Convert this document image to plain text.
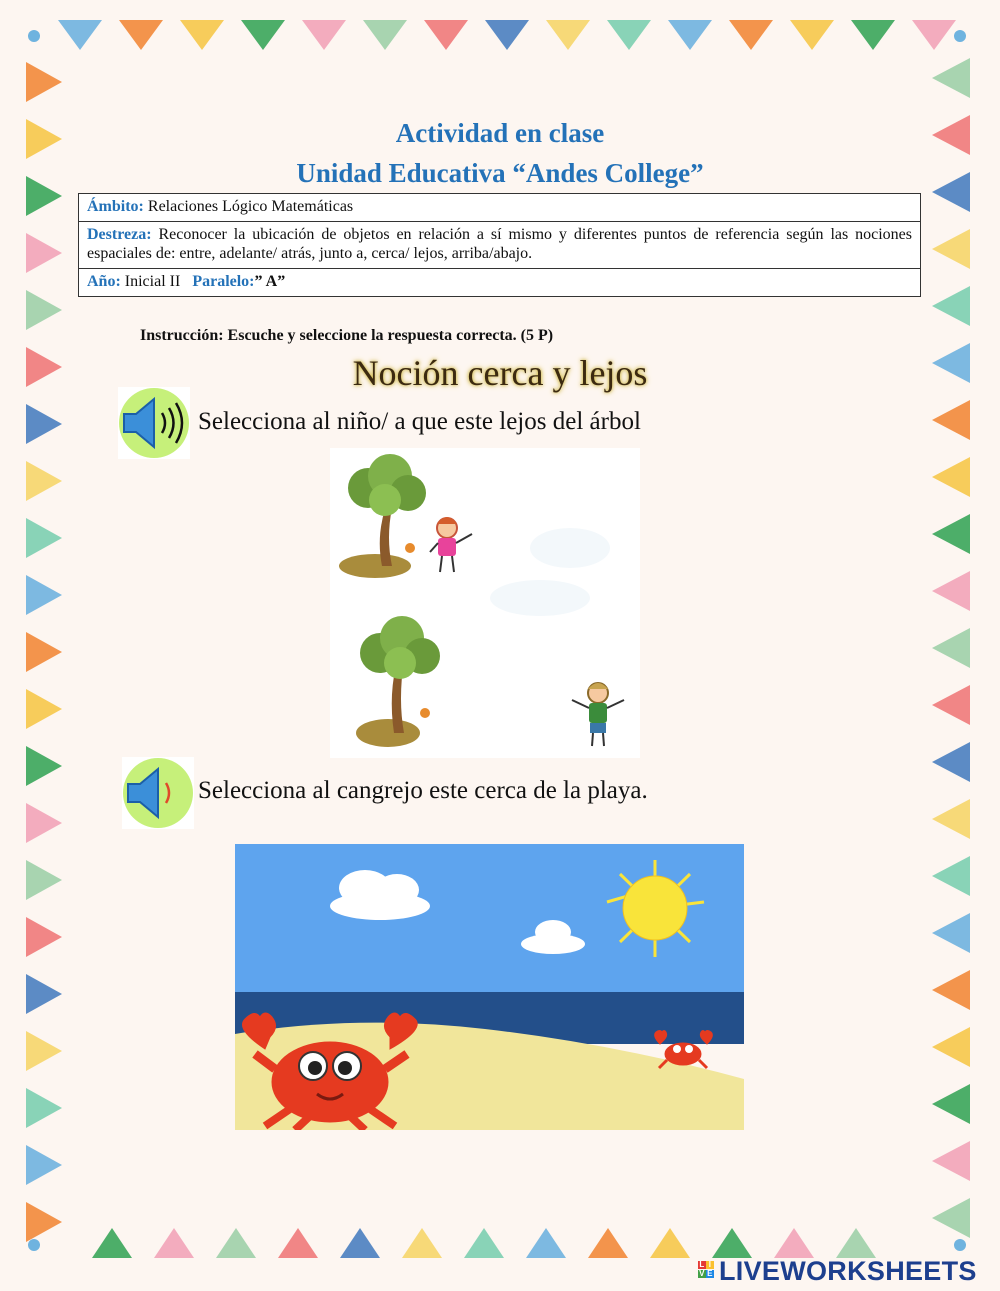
Actividad en clase
Unidad Educativa “Andes College”
Ámbito: Relaciones Lógico Matemáticas
Destreza: Reconocer la ubicación de objetos en relación a sí mismo y diferentes puntos de referencia según las nociones espaciales de: entre, adelante/ atrás, junto a, cerca/ lejos, arriba/abajo.
Año: Inicial II Paralelo:” A”
Instrucción: Escuche y seleccione la respuesta correcta. (5 P)
Noción cerca y lejos
Selecciona al niño/ a que este lejos del árbol
Selecciona al cangrejo este cerca de la playa.
L IV E LIVEWORKSHEETS
